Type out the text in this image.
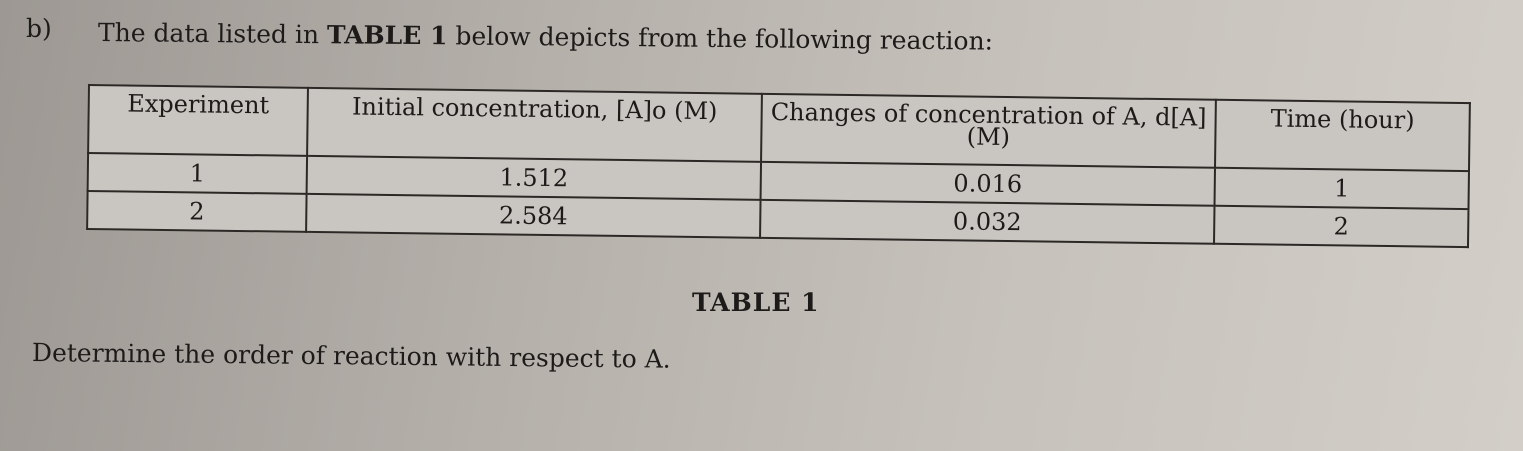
b) The data listed in TABLE 1 below depicts from the following reaction:
Experiment	Initial concentration, [A]o (M)	Changes of concentration of A, d[A] (M)	Time (hour)
1	1.512	0.016	1
2	2.584	0.032	2
TABLE 1
Determine the order of reaction with respect to A.
